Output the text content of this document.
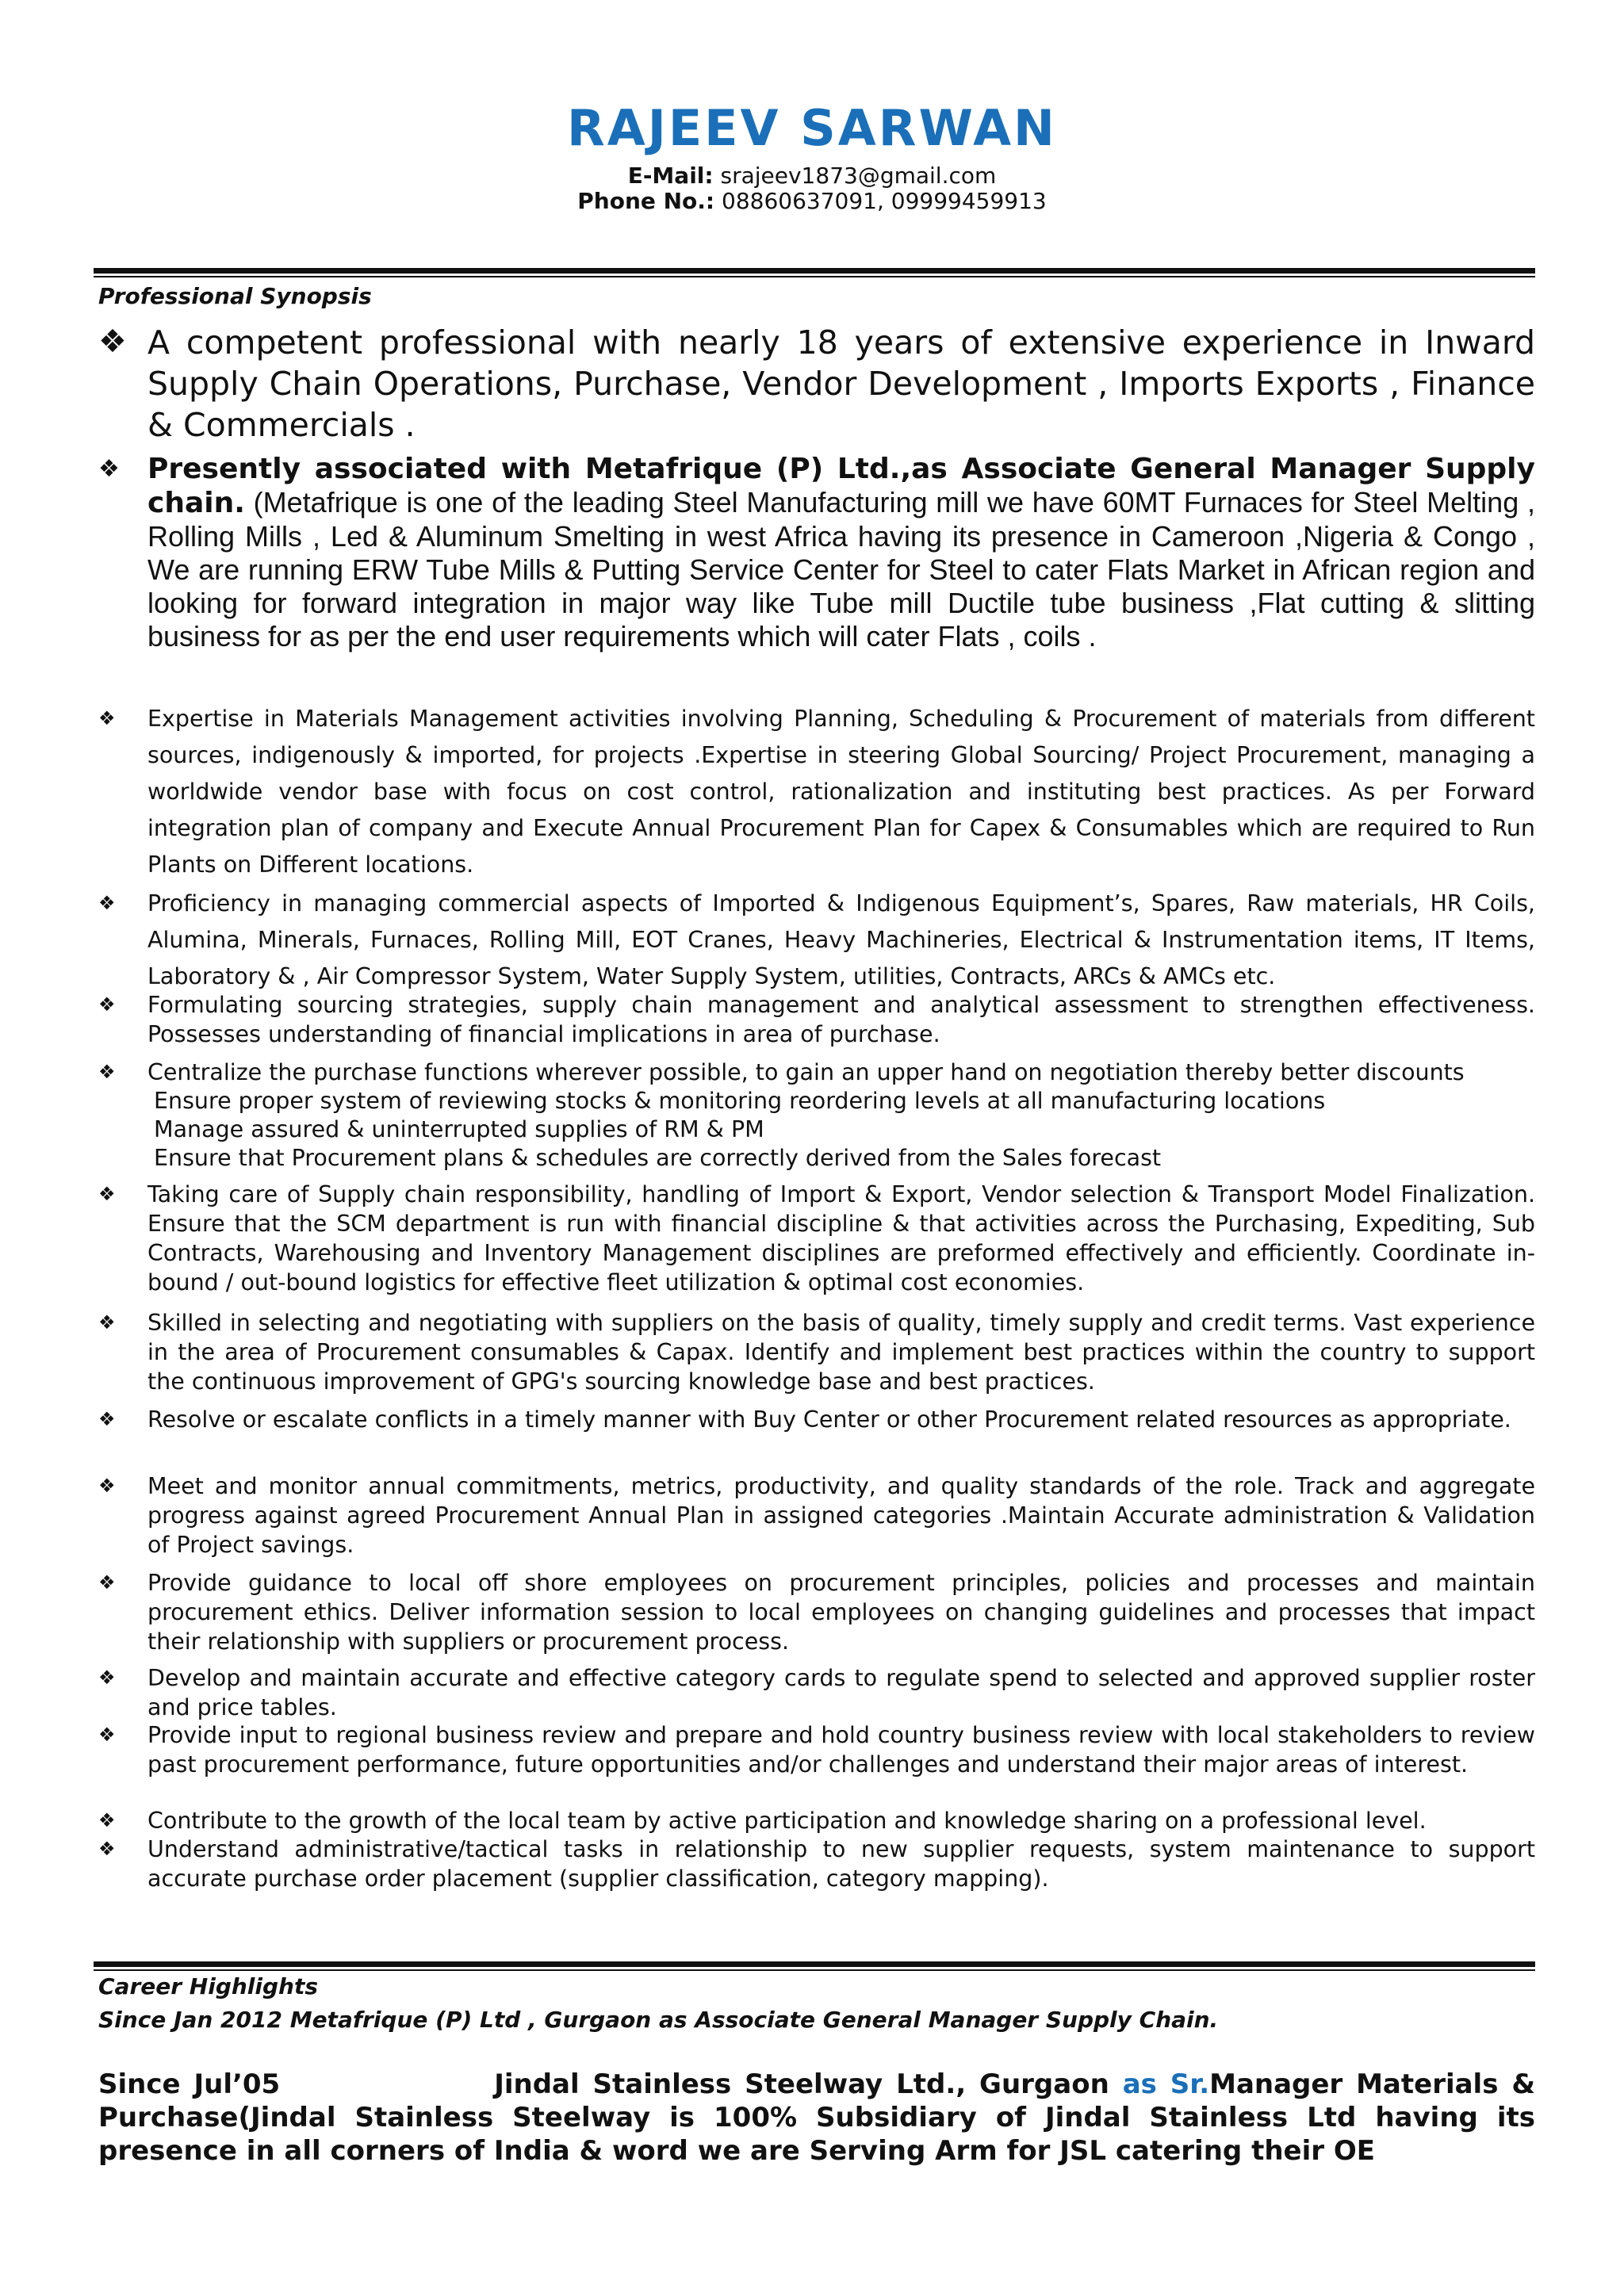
RAJEEV SARWAN
E-Mail: srajeev1873@gmail.com
Phone No.: 08860637091, 09999459913
Professional Synopsis
❖ A competent professional with nearly 18 years of extensive experience in Inward Supply Chain Operations, Purchase, Vendor Development , Imports Exports , Finance & Commercials .
❖ Presently associated with Metafrique (P) Ltd.,as Associate General Manager Supply chain. (Metafrique is one of the leading Steel Manufacturing mill we have 60MT Furnaces for Steel Melting , Rolling Mills , Led & Aluminum Smelting in west Africa having its presence in Cameroon ,Nigeria & Congo , We are running ERW Tube Mills & Putting Service Center for Steel to cater Flats Market in African region and looking for forward integration in major way like Tube mill Ductile tube business ,Flat cutting & slitting business for as per the end user requirements which will cater Flats , coils .
❖	Expertise in Materials Management activities involving Planning, Scheduling & Procurement of materials from different sources, indigenously & imported, for projects .Expertise in steering Global Sourcing/ Project Procurement, managing a worldwide vendor base with focus on cost control, rationalization and instituting best practices. As per Forward integration plan of company and Execute Annual Procurement Plan for Capex & Consumables which are required to Run Plants on Different locations.
❖	Proficiency in managing commercial aspects of Imported & Indigenous Equipment’s, Spares, Raw materials, HR Coils, Alumina, Minerals, Furnaces, Rolling Mill, EOT Cranes, Heavy Machineries, Electrical & Instrumentation items, IT Items, Laboratory & , Air Compressor System, Water Supply System, utilities, Contracts, ARCs & AMCs etc.
❖	Formulating sourcing strategies, supply chain management and analytical assessment to strengthen effectiveness. Possesses understanding of financial implications in area of purchase.
❖	Centralize the purchase functions wherever possible, to gain an upper hand on negotiation thereby better discounts
Ensure proper system of reviewing stocks & monitoring reordering levels at all manufacturing locations
Manage assured & uninterrupted supplies of RM & PM
Ensure that Procurement plans & schedules are correctly derived from the Sales forecast
❖	Taking care of Supply chain responsibility, handling of Import & Export, Vendor selection & Transport Model Finalization. Ensure that the SCM department is run with financial discipline & that activities across the Purchasing, Expediting, Sub Contracts, Warehousing and Inventory Management disciplines are preformed effectively and efficiently. Coordinate in-bound / out-bound logistics for effective fleet utilization & optimal cost economies.
❖	Skilled in selecting and negotiating with suppliers on the basis of quality, timely supply and credit terms. Vast experience in the area of Procurement consumables & Capax. Identify and implement best practices within the country to support the continuous improvement of GPG's sourcing knowledge base and best practices.
❖	Resolve or escalate conflicts in a timely manner with Buy Center or other Procurement related resources as appropriate.
❖	Meet and monitor annual commitments, metrics, productivity, and quality standards of the role. Track and aggregate progress against agreed Procurement Annual Plan in assigned categories .Maintain Accurate administration & Validation of Project savings.
❖	Provide guidance to local off shore employees on procurement principles, policies and processes and maintain procurement ethics. Deliver information session to local employees on changing guidelines and processes that impact their relationship with suppliers or procurement process.
❖	Develop and maintain accurate and effective category cards to regulate spend to selected and approved supplier roster and price tables.
❖	Provide input to regional business review and prepare and hold country business review with local stakeholders to review past procurement performance, future opportunities and/or challenges and understand their major areas of interest.
❖	Contribute to the growth of the local team by active participation and knowledge sharing on a professional level.
❖	Understand administrative/tactical tasks in relationship to new supplier requests, system maintenance to support accurate purchase order placement (supplier classification, category mapping).
Career Highlights
Since Jan 2012 Metafrique (P) Ltd , Gurgaon as Associate General Manager Supply Chain.
Since Jul’05	Jindal Stainless Steelway Ltd., Gurgaon as Sr.Manager Materials & Purchase(Jindal Stainless Steelway is 100% Subsidiary of Jindal Stainless Ltd having its presence in all corners of India & word we are Serving Arm for JSL catering their OE
